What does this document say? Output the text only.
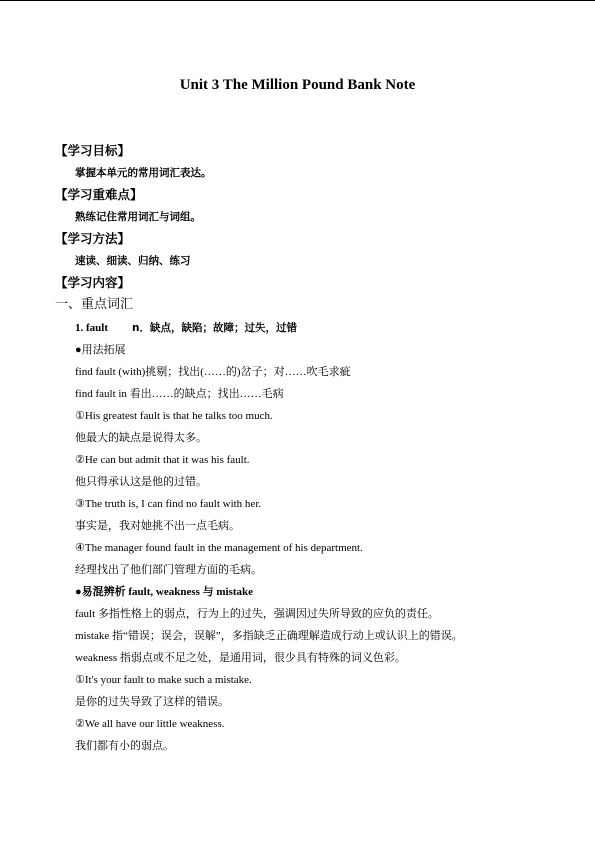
Unit 3 The Million Pound Bank Note
【学习目标】
掌握本单元的常用词汇表达。
【学习重难点】
熟练记住常用词汇与词组。
【学习方法】
速读、细读、归纳、练习
【学习内容】
一、重点词汇
1. fault n．缺点，缺陷；故障；过失，过错
●用法拓展
find fault (with)挑剔；找出(……的)岔子；对……吹毛求疵
find fault in 看出……的缺点；找出……毛病
①His greatest fault is that he talks too much.
他最大的缺点是说得太多。
②He can but admit that it was his fault.
他只得承认这是他的过错。
③The truth is, I can find no fault with her.
事实是，我对她挑不出一点毛病。
④The manager found fault in the management of his department.
经理找出了他们部门管理方面的毛病。
●易混辨析 fault, weakness 与 mistake
fault 多指性格上的弱点，行为上的过失，强调因过失所导致的应负的责任。
mistake 指“错误；误会，误解”，多指缺乏正确理解造成行动上或认识上的错误。
weakness 指弱点或不足之处，是通用词，很少具有特殊的词义色彩。
①It's your fault to make such a mistake.
是你的过失导致了这样的错误。
②We all have our little weakness.
我们都有小的弱点。
